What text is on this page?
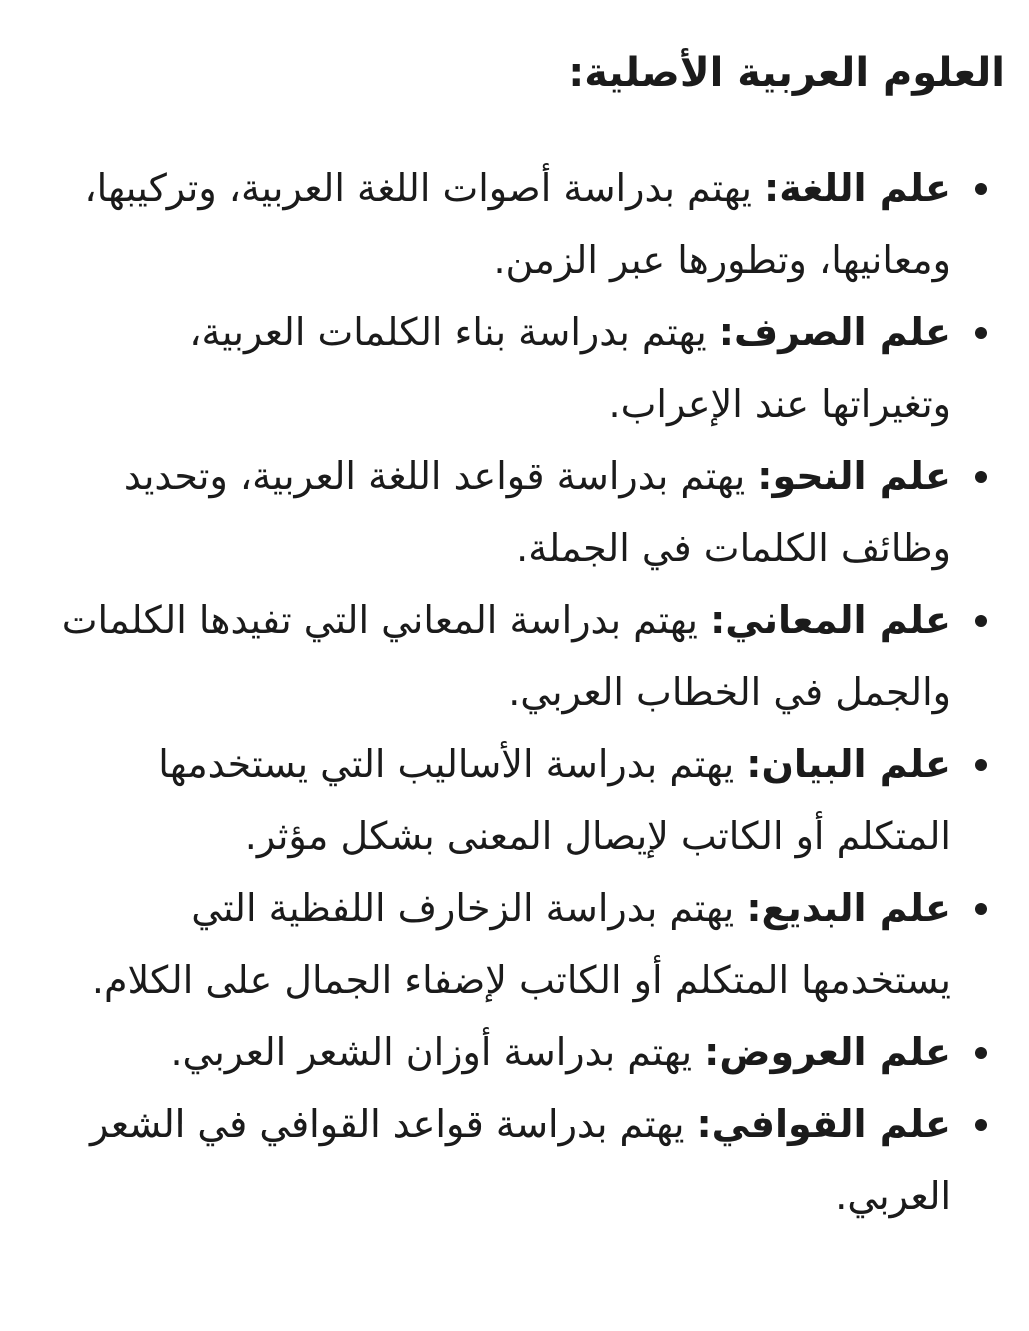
العلوم العربية الأصلية:
علم اللغة: يهتم بدراسة أصوات اللغة العربية، وتركيبها، ومعانيها، وتطورها عبر الزمن.
علم الصرف: يهتم بدراسة بناء الكلمات العربية، وتغيراتها عند الإعراب.
علم النحو: يهتم بدراسة قواعد اللغة العربية، وتحديد وظائف الكلمات في الجملة.
علم المعاني: يهتم بدراسة المعاني التي تفيدها الكلمات والجمل في الخطاب العربي.
علم البيان: يهتم بدراسة الأساليب التي يستخدمها المتكلم أو الكاتب لإيصال المعنى بشكل مؤثر.
علم البديع: يهتم بدراسة الزخارف اللفظية التي يستخدمها المتكلم أو الكاتب لإضفاء الجمال على الكلام.
علم العروض: يهتم بدراسة أوزان الشعر العربي.
علم القوافي: يهتم بدراسة قواعد القوافي في الشعر العربي.
